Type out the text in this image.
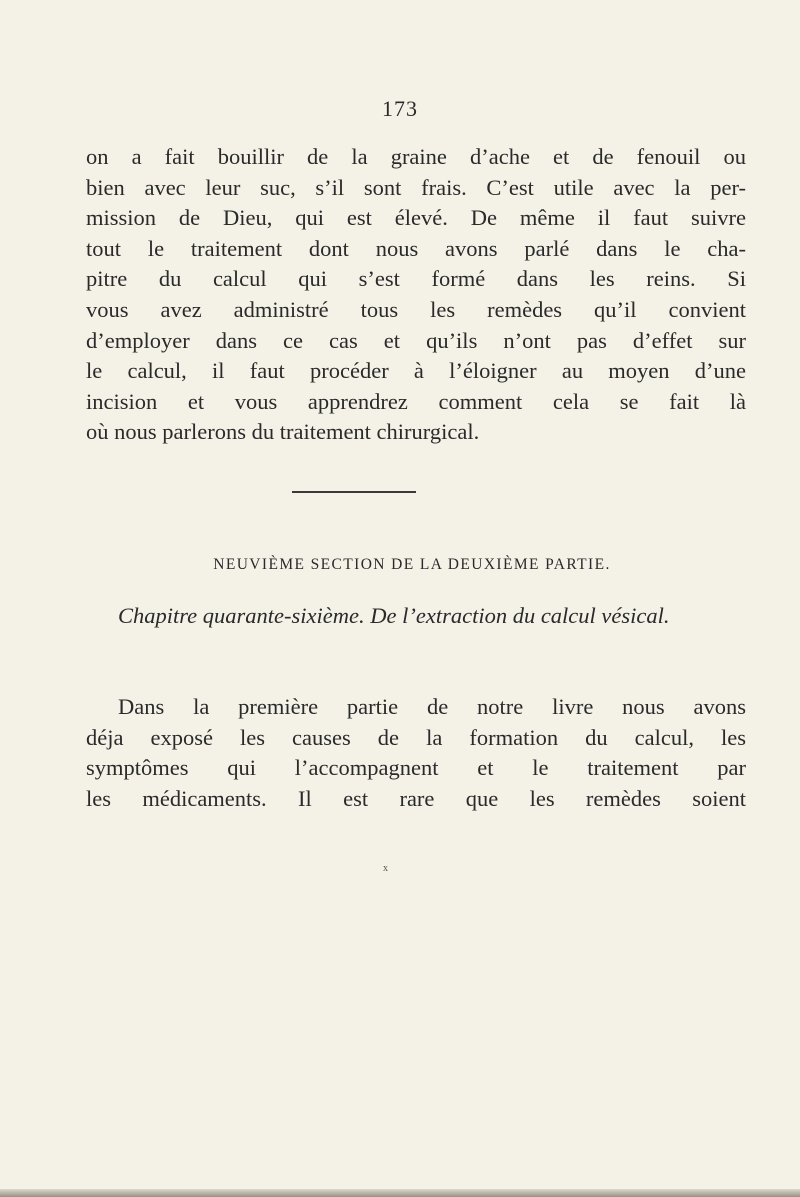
173
on a fait bouillir de la graine d’ache et de fenouil ou
bien avec leur suc, s’il sont frais. C’est utile avec la per-
mission de Dieu, qui est élevé. De même il faut suivre
tout le traitement dont nous avons parlé dans le cha-
pitre du calcul qui s’est formé dans les reins. Si
vous avez administré tous les remèdes qu’il convient
d’employer dans ce cas et qu’ils n’ont pas d’effet sur
le calcul, il faut procéder à l’éloigner au moyen d’une
incision et vous apprendrez comment cela se fait là
où nous parlerons du traitement chirurgical.
NEUVIÈME SECTION DE LA DEUXIÈME PARTIE.
Chapitre quarante-sixième. De l’extraction du calcul vésical.
Dans la première partie de notre livre nous avons
déja exposé les causes de la formation du calcul, les
symptômes qui l’accompagnent et le traitement par
les médicaments. Il est rare que les remèdes soient
x
